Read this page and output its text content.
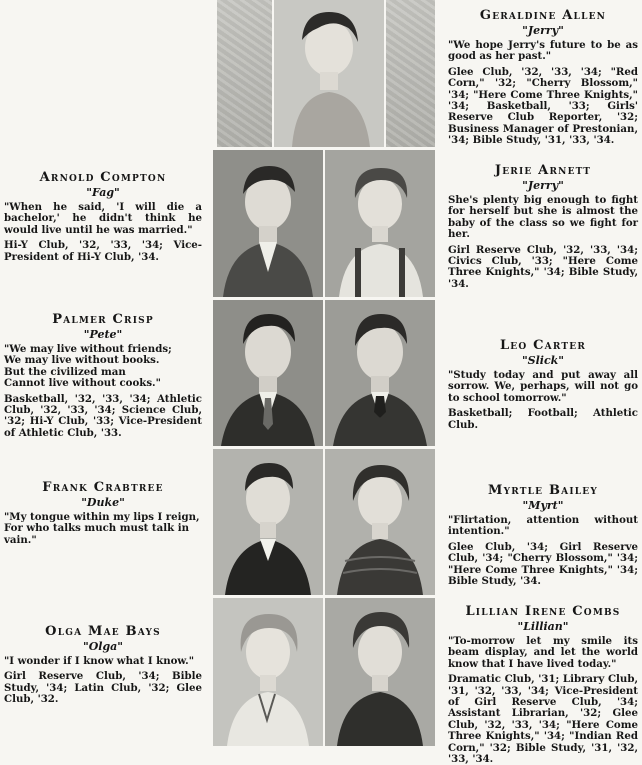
Geraldine Allen

"Jerry"

"We hope Jerry's future to be as good as her past."

Glee Club, '32, '33, '34; "Red Corn," '32; "Cherry Blossom," '34; "Here Come Three Knights," '34; Basketball, '33; Girls' Reserve Club Reporter, '32; Business Manager of Prestonian, '34; Bible Study, '31, '33, '34.

Arnold Compton

"Fag"

"When he said, 'I will die a bachelor,' he didn't think he would live until he was married."

Hi-Y Club, '32, '33, '34; Vice-President of Hi-Y Club, '34.

Jerie Arnett

"Jerry"

She's plenty big enough to fight for herself but she is almost the baby of the class so we fight for her.

Girl Reserve Club, '32, '33, '34; Civics Club, '33; "Here Come Three Knights," '34; Bible Study, '34.

Palmer Crisp

"Pete"

"We may live without friends;
We may live without books.
But the civilized man
Cannot live without cooks."

Basketball, '32, '33, '34; Athletic Club, '32, '33, '34; Science Club, '32; Hi-Y Club, '33; Vice-President of Athletic Club, '33.

Leo Carter

"Slick"

"Study today and put away all sorrow. We, perhaps, will not go to school tomorrow."

Basketball; Football; Athletic Club.

Frank Crabtree

"Duke"

"My tongue within my lips I reign,
For who talks much must talk in vain."

Myrtle Bailey

"Myrt"

"Flirtation, attention without intention."

Glee Club, '34; Girl Reserve Club, '34; "Cherry Blossom," '34; "Here Come Three Knights," '34; Bible Study, '34.

Olga Mae Bays

"Olga"

"I wonder if I know what I know."

Girl Reserve Club, '34; Bible Study, '34; Latin Club, '32; Glee Club, '32.

Lillian Irene Combs

"Lillian"

"To-morrow let my smile its beam display, and let the world know that I have lived today."

Dramatic Club, '31; Library Club, '31, '32, '33, '34; Vice-President of Girl Reserve Club, '34; Assistant Librarian, '32; Glee Club, '32, '33, '34; "Here Come Three Knights," '34; "Indian Red Corn," '32; Bible Study, '31, '32, '33, '34.
